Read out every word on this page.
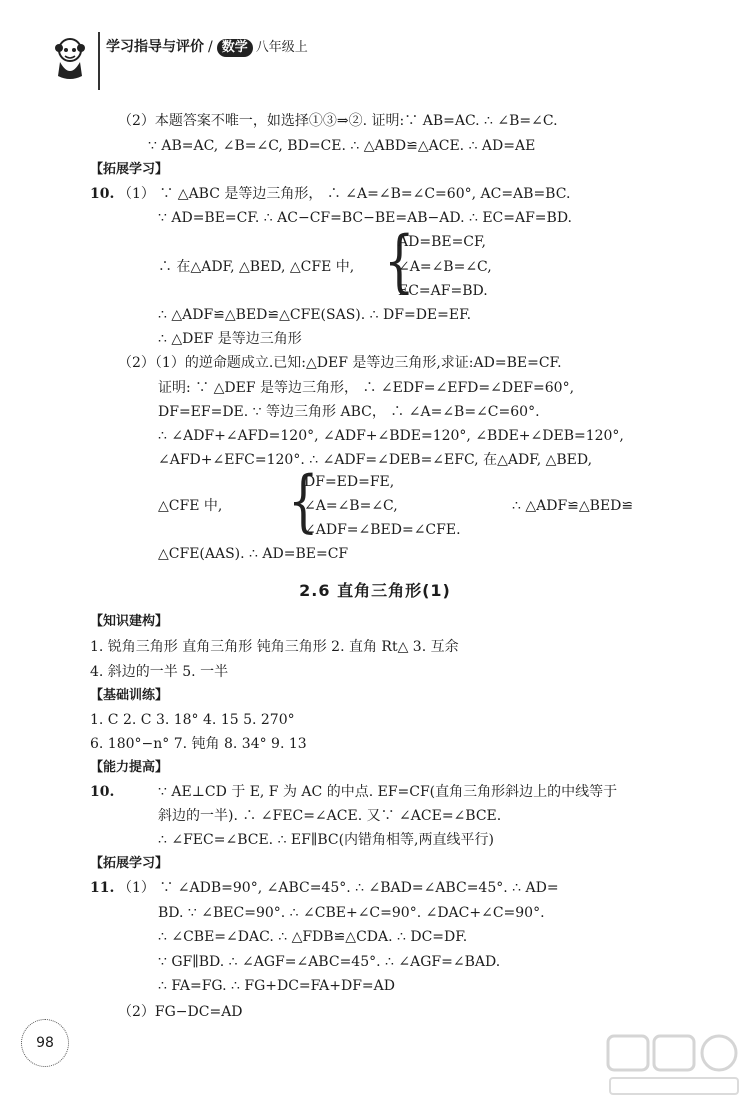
学习指导与评价 / 数学 八年级上
（2）本题答案不唯一，如选择①③⇒②. 证明:∵ AB=AC. ∴ ∠B=∠C.
∵ AB=AC, ∠B=∠C, BD=CE. ∴ △ABD≌△ACE. ∴ AD=AE
【拓展学习】
10. （1） ∵ △ABC 是等边三角形， ∴ ∠A=∠B=∠C=60°, AC=AB=BC.
∵ AD=BE=CF. ∴ AC−CF=BC−BE=AB−AD. ∴ EC=AF=BD.
∴ 在△ADF, △BED, △CFE 中, {
AD=BE=CF,
∠A=∠B=∠C,
EC=AF=BD.
∴ △ADF≌△BED≌△CFE(SAS). ∴ DF=DE=EF.
∴ △DEF 是等边三角形
（2）（1）的逆命题成立.已知:△DEF 是等边三角形,求证:AD=BE=CF.
证明: ∵ △DEF 是等边三角形， ∴ ∠EDF=∠EFD=∠DEF=60°,
DF=EF=DE. ∵ 等边三角形 ABC， ∴ ∠A=∠B=∠C=60°.
∴ ∠ADF+∠AFD=120°, ∠ADF+∠BDE=120°, ∠BDE+∠DEB=120°,
∠AFD+∠EFC=120°. ∴ ∠ADF=∠DEB=∠EFC, 在△ADF, △BED,
△CFE 中, {
DF=ED=FE,
∠A=∠B=∠C,
∠ADF=∠BED=∠CFE.
∴ △ADF≌△BED≌
△CFE(AAS). ∴ AD=BE=CF
2.6 直角三角形(1)
【知识建构】
1. 锐角三角形 直角三角形 钝角三角形 2. 直角 Rt△ 3. 互余
4. 斜边的一半 5. 一半
【基础训练】
1. C 2. C 3. 18° 4. 15 5. 270°
6. 180°−n° 7. 钝角 8. 34° 9. 13
【能力提高】
10.	∵ AE⊥CD 于 E, F 为 AC 的中点. EF=CF(直角三角形斜边上的中线等于
斜边的一半). ∴ ∠FEC=∠ACE. 又∵ ∠ACE=∠BCE.
∴ ∠FEC=∠BCE. ∴ EF∥BC(内错角相等,两直线平行)
【拓展学习】
11. （1） ∵ ∠ADB=90°, ∠ABC=45°. ∴ ∠BAD=∠ABC=45°. ∴ AD=
BD. ∵ ∠BEC=90°. ∴ ∠CBE+∠C=90°. ∠DAC+∠C=90°.
∴ ∠CBE=∠DAC. ∴ △FDB≌△CDA. ∴ DC=DF.
∵ GF∥BD. ∴ ∠AGF=∠ABC=45°. ∴ ∠AGF=∠BAD.
∴ FA=FG. ∴ FG+DC=FA+DF=AD
（2）FG−DC=AD
98
